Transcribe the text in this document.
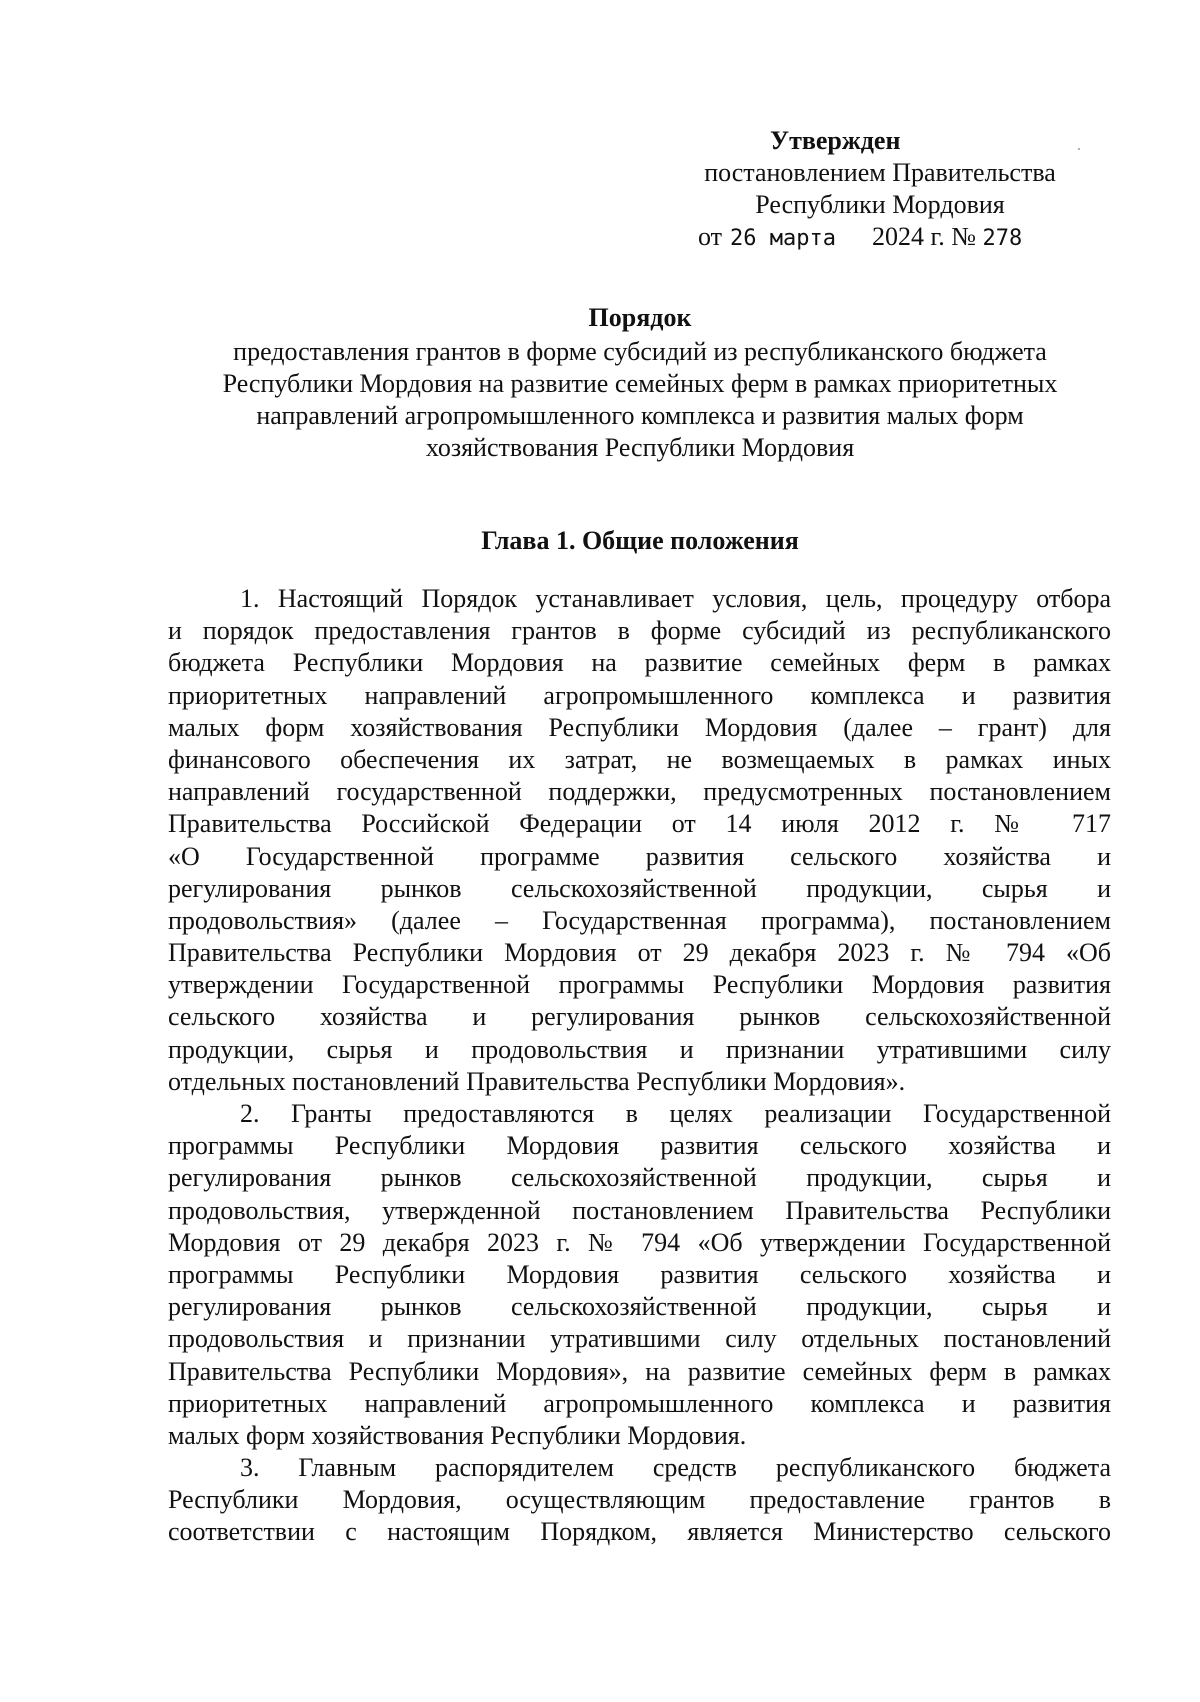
Утвержден
постановлением Правительства
Республики Мордовия
от 26 марта 2024 г. № 278
Порядок
предоставления грантов в форме субсидий из республиканского бюджета
Республики Мордовия на развитие семейных ферм в рамках приоритетных
направлений агропромышленного комплекса и развития малых форм
хозяйствования Республики Мордовия
Глава 1. Общие положения
1. Настоящий Порядок устанавливает условия, цель, процедуру отбора
и порядок предоставления грантов в форме субсидий из республиканского
бюджета Республики Мордовия на развитие семейных ферм в рамках
приоритетных направлений агропромышленного комплекса и развития
малых форм хозяйствования Республики Мордовия (далее – грант) для
финансового обеспечения их затрат, не возмещаемых в рамках иных
направлений государственной поддержки, предусмотренных постановлением
Правительства Российской Федерации от 14 июля 2012 г. № 717
«О Государственной программе развития сельского хозяйства и
регулирования рынков сельскохозяйственной продукции, сырья и
продовольствия» (далее – Государственная программа), постановлением
Правительства Республики Мордовия от 29 декабря 2023 г. № 794 «Об
утверждении Государственной программы Республики Мордовия развития
сельского хозяйства и регулирования рынков сельскохозяйственной
продукции, сырья и продовольствия и признании утратившими силу
отдельных постановлений Правительства Республики Мордовия».
2. Гранты предоставляются в целях реализации Государственной
программы Республики Мордовия развития сельского хозяйства и
регулирования рынков сельскохозяйственной продукции, сырья и
продовольствия, утвержденной постановлением Правительства Республики
Мордовия от 29 декабря 2023 г. № 794 «Об утверждении Государственной
программы Республики Мордовия развития сельского хозяйства и
регулирования рынков сельскохозяйственной продукции, сырья и
продовольствия и признании утратившими силу отдельных постановлений
Правительства Республики Мордовия», на развитие семейных ферм в рамках
приоритетных направлений агропромышленного комплекса и развития
малых форм хозяйствования Республики Мордовия.
3. Главным распорядителем средств республиканского бюджета
Республики Мордовия, осуществляющим предоставление грантов в
соответствии с настоящим Порядком, является Министерство сельского
